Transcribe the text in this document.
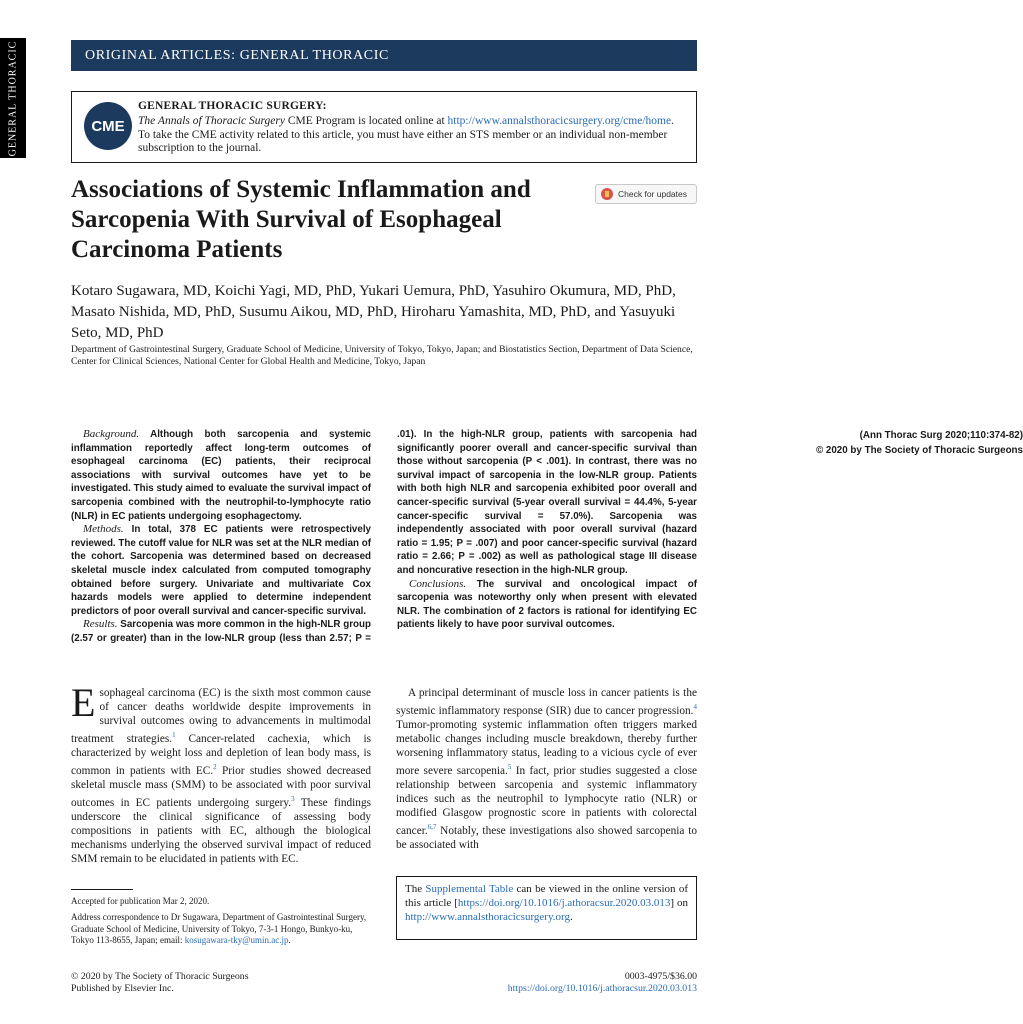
GENERAL THORACIC	ORIGINAL ARTICLES: GENERAL THORACIC
CME
GENERAL THORACIC SURGERY:
The Annals of Thoracic Surgery CME Program is located online at http://www.annalsthoracicsurgery.org/cme/home. To take the CME activity related to this article, you must have either an STS member or an individual non-member subscription to the journal.
Associations of Systemic Inflammation and Sarcopenia With Survival of Esophageal Carcinoma Patients
Check for updates
Kotaro Sugawara, MD, Koichi Yagi, MD, PhD, Yukari Uemura, PhD, Yasuhiro Okumura, MD, PhD, Masato Nishida, MD, PhD, Susumu Aikou, MD, PhD, Hiroharu Yamashita, MD, PhD, and Yasuyuki Seto, MD, PhD
Department of Gastrointestinal Surgery, Graduate School of Medicine, University of Tokyo, Tokyo, Japan; and Biostatistics Section, Department of Data Science, Center for Clinical Sciences, National Center for Global Health and Medicine, Tokyo, Japan

Background. Although both sarcopenia and systemic inflammation reportedly affect long-term outcomes of esophageal carcinoma (EC) patients, their reciprocal associations with survival outcomes have yet to be investigated. This study aimed to evaluate the survival impact of sarcopenia combined with the neutrophil-to-lymphocyte ratio (NLR) in EC patients undergoing esophagectomy.

Methods. In total, 378 EC patients were retrospectively reviewed. The cutoff value for NLR was set at the NLR median of the cohort. Sarcopenia was determined based on decreased skeletal muscle index calculated from computed tomography obtained before surgery. Univariate and multivariate Cox hazards models were applied to determine independent predictors of poor overall survival and cancer-specific survival.

Results. Sarcopenia was more common in the high-NLR group (2.57 or greater) than in the low-NLR group (less than 2.57; P = .01). In the high-NLR group, patients with sarcopenia had significantly poorer overall and cancer-specific survival than those without sarcopenia (P < .001). In contrast, there was no survival impact of sarcopenia in the low-NLR group. Patients with both high NLR and sarcopenia exhibited poor overall and cancer-specific survival (5-year overall survival = 44.4%, 5-year cancer-specific survival = 57.0%). Sarcopenia was independently associated with poor overall survival (hazard ratio = 1.95; P = .007) and poor cancer-specific survival (hazard ratio = 2.66; P = .002) as well as pathological stage III disease and noncurative resection in the high-NLR group.

Conclusions. The survival and oncological impact of sarcopenia was noteworthy only when present with elevated NLR. The combination of 2 factors is rational for identifying EC patients likely to have poor survival outcomes.

(Ann Thorac Surg 2020;110:374-82)
© 2020 by The Society of Thoracic Surgeons

Esophageal carcinoma (EC) is the sixth most common cause of cancer deaths worldwide despite improvements in survival outcomes owing to advancements in multimodal treatment strategies.$^1$ Cancer-related cachexia, which is characterized by weight loss and depletion of lean body mass, is common in patients with EC.$^2$ Prior studies showed decreased skeletal muscle mass (SMM) to be associated with poor survival outcomes in EC patients undergoing surgery.$^3$ These findings underscore the clinical significance of assessing body compositions in patients with EC, although the biological mechanisms underlying the observed survival impact of reduced SMM remain to be elucidated in patients with EC.

A principal determinant of muscle loss in cancer patients is the systemic inflammatory response (SIR) due to cancer progression.$^4$ Tumor-promoting systemic inflammation often triggers marked metabolic changes including muscle breakdown, thereby further worsening inflammatory status, leading to a vicious cycle of ever more severe sarcopenia.$^5$ In fact, prior studies suggested a close relationship between sarcopenia and systemic inflammatory indices such as the neutrophil to lymphocyte ratio (NLR) or modified Glasgow prognostic score in patients with colorectal cancer.$^{6,7}$ Notably, these investigations also showed sarcopenia to be associated with

Accepted for publication Mar 2, 2020.
Address correspondence to Dr Sugawara, Department of Gastrointestinal Surgery, Graduate School of Medicine, University of Tokyo, 7-3-1 Hongo, Bunkyo-ku, Tokyo 113-8655, Japan; email: kosugawara-tky@umin.ac.jp.
The Supplemental Table can be viewed in the online version of this article [https://doi.org/10.1016/j.athoracsur.2020.03.013] on http://www.annalsthoracicsurgery.org.
© 2020 by The Society of Thoracic Surgeons
Published by Elsevier Inc.
0003-4975/$36.00
https://doi.org/10.1016/j.athoracsur.2020.03.013
